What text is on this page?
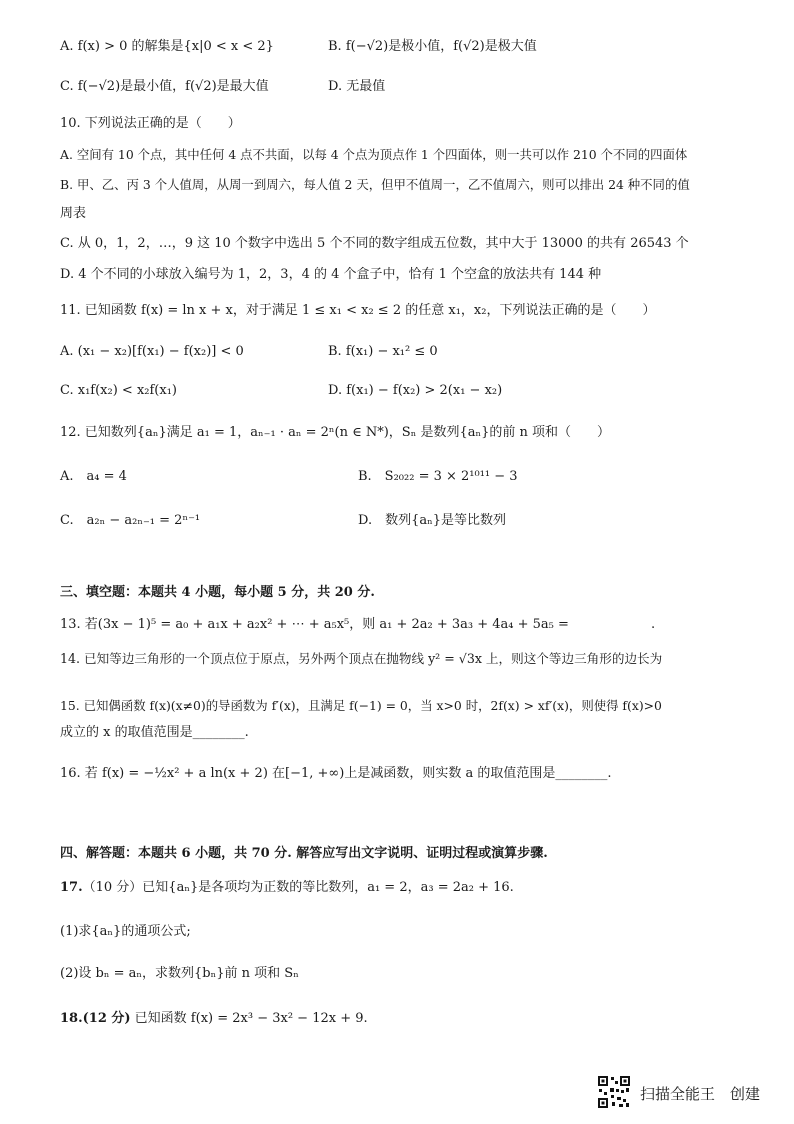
A. f(x) > 0 的解集是{x|0 < x < 2}	B. f(−√2)是极小值，f(√2)是极大值
C. f(−√2)是最小值，f(√2)是最大值	D. 无最值
10. 下列说法正确的是（　　）
A. 空间有 10 个点，其中任何 4 点不共面，以每 4 个点为顶点作 1 个四面体，则一共可以作 210 个不同的四面体
B. 甲、乙、丙 3 个人值周，从周一到周六，每人值 2 天，但甲不值周一，乙不值周六，则可以排出 24 种不同的值
周表
C. 从 0，1，2，…，9 这 10 个数字中选出 5 个不同的数字组成五位数，其中大于 13000 的共有 26543 个
D. 4 个不同的小球放入编号为 1，2，3，4 的 4 个盒子中，恰有 1 个空盒的放法共有 144 种
11. 已知函数 f(x) = ln x + x，对于满足 1 ≤ x₁ < x₂ ≤ 2 的任意 x₁，x₂，下列说法正确的是（　　）
A. (x₁ − x₂)[f(x₁) − f(x₂)] < 0	B. f(x₁) − x₁² ≤ 0
C. x₁f(x₂) < x₂f(x₁)	D. f(x₁) − f(x₂) > 2(x₁ − x₂)
12. 已知数列{aₙ}满足 a₁ = 1，aₙ₋₁ · aₙ = 2ⁿ(n ∈ N*)，Sₙ 是数列{aₙ}的前 n 项和（　　）
A.　a₄ = 4	B.　S₂₀₂₂ = 3 × 2¹⁰¹¹ − 3
C.　a₂ₙ − a₂ₙ₋₁ = 2ⁿ⁻¹	D.　数列{aₙ}是等比数列
三、填空题：本题共 4 小题，每小题 5 分，共 20 分.
13. 若(3x − 1)⁵ = a₀ + a₁x + a₂x² + ⋯ + a₅x⁵，则 a₁ + 2a₂ + 3a₃ + 4a₄ + 5a₅ = 　　　　　　.
14. 已知等边三角形的一个顶点位于原点，另外两个顶点在抛物线 y² = √3x 上，则这个等边三角形的边长为
15. 已知偶函数 f(x)(x≠0)的导函数为 f′(x)，且满足 f(−1) = 0，当 x>0 时，2f(x) > xf′(x)，则使得 f(x)>0
成立的 x 的取值范围是________.
16. 若 f(x) = −½x² + a ln(x + 2) 在[−1, +∞)上是减函数，则实数 a 的取值范围是________.
四、解答题：本题共 6 小题，共 70 分. 解答应写出文字说明、证明过程或演算步骤.
17.（10 分）已知{aₙ}是各项均为正数的等比数列，a₁ = 2，a₃ = 2a₂ + 16.
(1)求{aₙ}的通项公式;
(2)设 bₙ = aₙ，求数列{bₙ}前 n 项和 Sₙ
18.(12 分) 已知函数 f(x) = 2x³ − 3x² − 12x + 9.
扫描全能王　创建
